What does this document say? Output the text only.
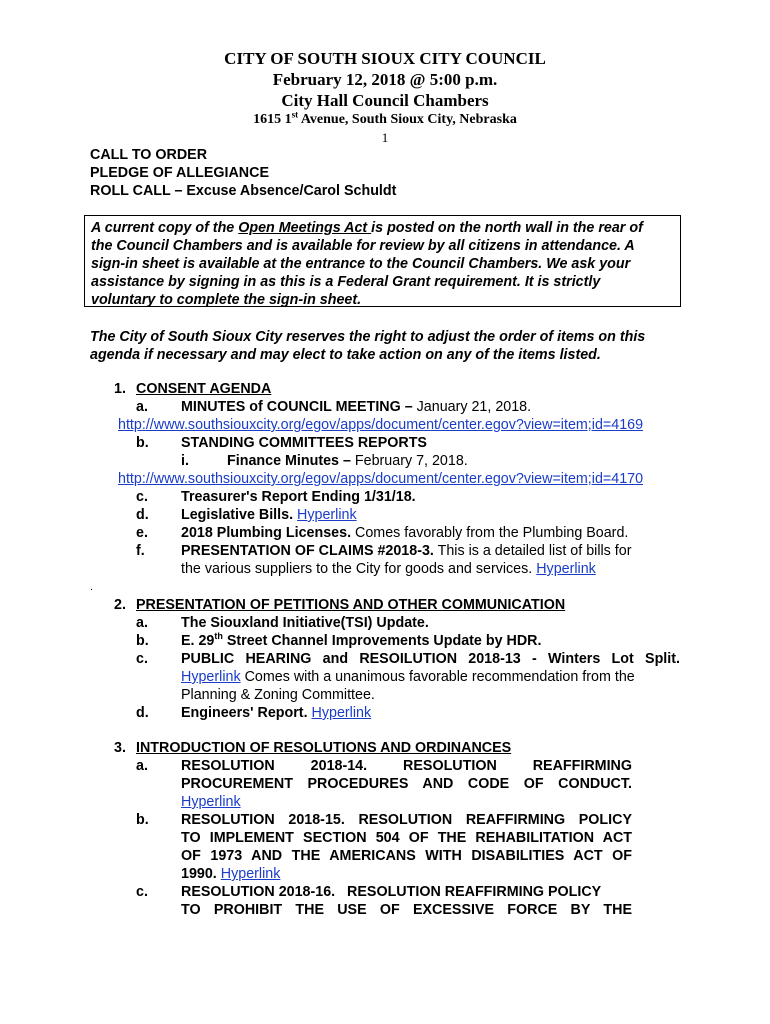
CITY OF SOUTH SIOUX CITY COUNCIL
February 12, 2018 @ 5:00 p.m.
City Hall Council Chambers
1615 1st Avenue, South Sioux City, Nebraska
1
CALL TO ORDER
PLEDGE OF ALLEGIANCE
ROLL CALL – Excuse Absence/Carol Schuldt
A current copy of the Open Meetings Act is posted on the north wall in the rear of
the Council Chambers and is available for review by all citizens in attendance. A
sign-in sheet is available at the entrance to the Council Chambers. We ask your
assistance by signing in as this is a Federal Grant requirement. It is strictly
voluntary to complete the sign-in sheet.
The City of South Sioux City reserves the right to adjust the order of items on this
agenda if necessary and may elect to take action on any of the items listed.
1. CONSENT AGENDA
a. MINUTES of COUNCIL MEETING – January 21, 2018.
http://www.southsiouxcity.org/egov/apps/document/center.egov?view=item;id=4169
b. STANDING COMMITTEES REPORTS
i.	Finance Minutes – February 7, 2018.
http://www.southsiouxcity.org/egov/apps/document/center.egov?view=item;id=4170
c. Treasurer's Report Ending 1/31/18.
d. Legislative Bills. Hyperlink
e. 2018 Plumbing Licenses. Comes favorably from the Plumbing Board.
f.	PRESENTATION OF CLAIMS #2018-3. This is a detailed list of bills for
the various suppliers to the City for goods and services. Hyperlink
.
2. PRESENTATION OF PETITIONS AND OTHER COMMUNICATION
a. The Siouxland Initiative(TSI) Update.
b. E. 29th Street Channel Improvements Update by HDR.
c. PUBLIC HEARING and RESOILUTION 2018-13 - Winters Lot Split.
Hyperlink Comes with a unanimous favorable recommendation from the
Planning & Zoning Committee.
d. Engineers' Report. Hyperlink
3. INTRODUCTION OF RESOLUTIONS AND ORDINANCES
a. RESOLUTION 2018-14. RESOLUTION REAFFIRMING
PROCUREMENT PROCEDURES AND CODE OF CONDUCT.
Hyperlink
b. RESOLUTION 2018-15. RESOLUTION REAFFIRMING POLICY
TO IMPLEMENT SECTION 504 OF THE REHABILITATION ACT
OF 1973 AND THE AMERICANS WITH DISABILITIES ACT OF
1990. Hyperlink
c. RESOLUTION 2018-16.   RESOLUTION REAFFIRMING POLICY
TO PROHIBIT THE USE OF EXCESSIVE FORCE BY THE
